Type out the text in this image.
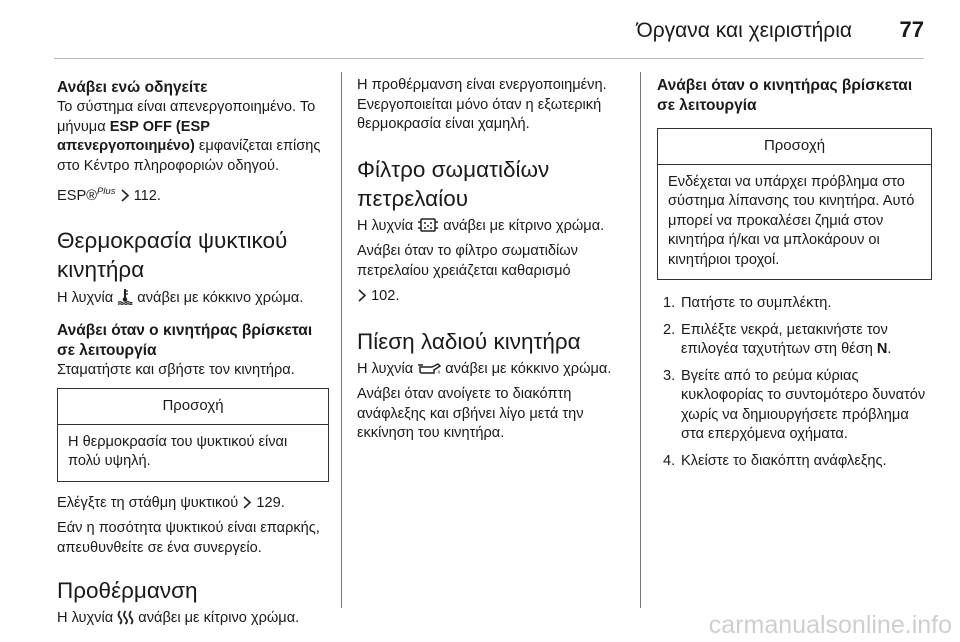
Όργανα και χειριστήρια 77
Ανάβει ενώ οδηγείτε

Το σύστημα είναι απενεργοποιημένο. Το μήνυμα ESP OFF (ESP απενεργοποιημένο) εμφανίζεται επίσης στο Κέντρο πληροφοριών οδηγού.

ESP®$^{Plus}$ 112.

Θερμοκρασία ψυκτικού κινητήρα

Η λυχνία  ανάβει με κόκκινο χρώμα.

Ανάβει όταν ο κινητήρας βρίσκεται σε λειτουργία

Σταματήστε και σβήστε τον κινητήρα.

Προσοχή
Η θερμοκρασία του ψυκτικού είναι πολύ υψηλή.

Ελέγξτε τη στάθμη ψυκτικού  129.

Εάν η ποσότητα ψυκτικού είναι επαρκής, απευθυνθείτε σε ένα συνεργείο.

Προθέρμανση

Η λυχνία  ανάβει με κίτρινο χρώμα.

Η προθέρμανση είναι ενεργοποιημένη. Ενεργοποιείται μόνο όταν η εξωτερική θερμοκρασία είναι χαμηλή.

Φίλτρο σωματιδίων πετρελαίου

Η λυχνία  ανάβει με κίτρινο χρώμα.

Ανάβει όταν το φίλτρο σωματιδίων πετρελαίου χρειάζεται καθαρισμό

102.

Πίεση λαδιού κινητήρα

Η λυχνία  ανάβει με κόκκινο χρώμα.

Ανάβει όταν ανοίγετε το διακόπτη ανάφλεξης και σβήνει λίγο μετά την εκκίνηση του κινητήρα.

Ανάβει όταν ο κινητήρας βρίσκεται σε λειτουργία
Προσοχή
Ενδέχεται να υπάρχει πρόβλημα στο σύστημα λίπανσης του κινητήρα. Αυτό μπορεί να προκαλέσει ζημιά στον κινητήρα ή/και να μπλοκάρουν οι κινητήριοι τροχοί.
1. Πατήστε το συμπλέκτη.
2. Επιλέξτε νεκρά, μετακινήστε τον επιλογέα ταχυτήτων στη θέση N.
3. Βγείτε από το ρεύμα κύριας κυκλοφορίας το συντομότερο δυνατόν χωρίς να δημιουργήσετε πρόβλημα στα επερχόμενα οχήματα.
4. Κλείστε το διακόπτη ανάφλεξης.
carmanualsonline.info
